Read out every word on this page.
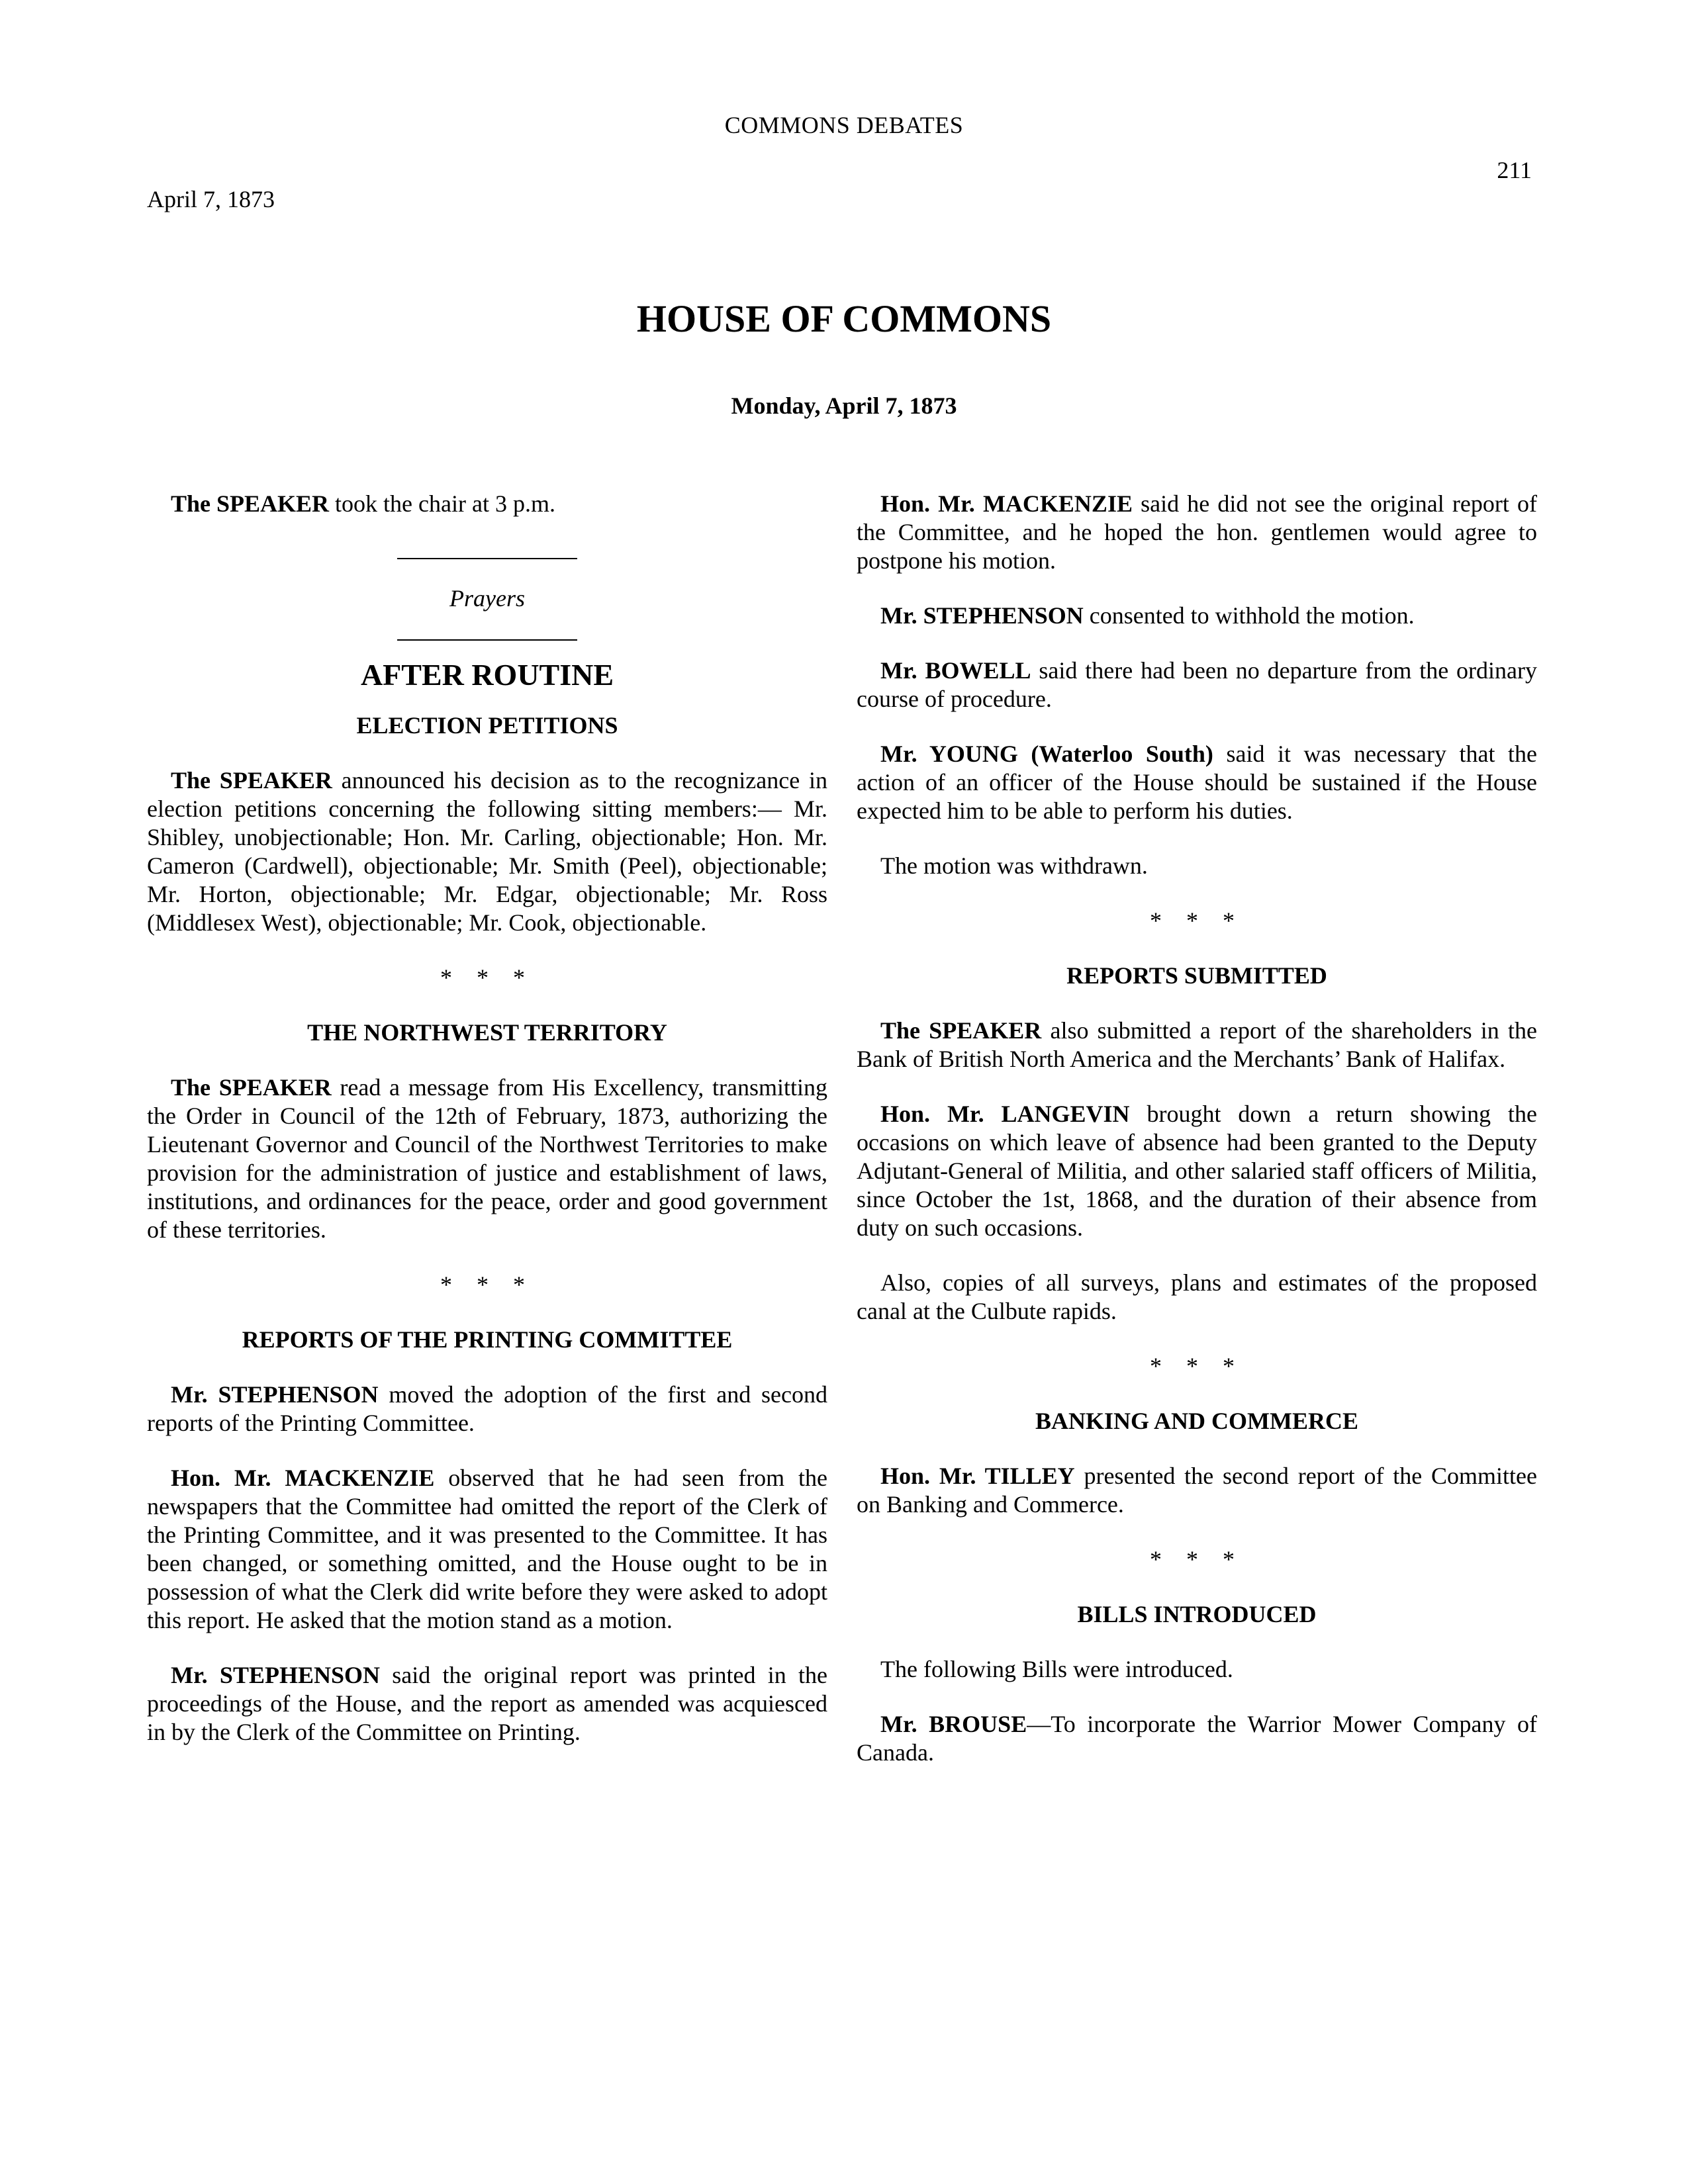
COMMONS DEBATES
211
April 7, 1873
HOUSE OF COMMONS
Monday, April 7, 1873

The SPEAKER took the chair at 3 p.m.

Prayers
AFTER ROUTINE
ELECTION PETITIONS

The SPEAKER announced his decision as to the recognizance in election petitions concerning the following sitting members:— Mr. Shibley, unobjectionable; Hon. Mr. Carling, objectionable; Hon. Mr. Cameron (Cardwell), objectionable; Mr. Smith (Peel), objectionable; Mr. Horton, objectionable; Mr. Edgar, objectionable; Mr. Ross (Middlesex West), objectionable; Mr. Cook, objectionable.

* * *
THE NORTHWEST TERRITORY

The SPEAKER read a message from His Excellency, transmitting the Order in Council of the 12th of February, 1873, authorizing the Lieutenant Governor and Council of the Northwest Territories to make provision for the administration of justice and establishment of laws, institutions, and ordinances for the peace, order and good government of these territories.

* * *
REPORTS OF THE PRINTING COMMITTEE

Mr. STEPHENSON moved the adoption of the first and second reports of the Printing Committee.

Hon. Mr. MACKENZIE observed that he had seen from the newspapers that the Committee had omitted the report of the Clerk of the Printing Committee, and it was presented to the Committee. It has been changed, or something omitted, and the House ought to be in possession of what the Clerk did write before they were asked to adopt this report. He asked that the motion stand as a motion.

Mr. STEPHENSON said the original report was printed in the proceedings of the House, and the report as amended was acquiesced in by the Clerk of the Committee on Printing.

Hon. Mr. MACKENZIE said he did not see the original report of the Committee, and he hoped the hon. gentlemen would agree to postpone his motion.

Mr. STEPHENSON consented to withhold the motion.

Mr. BOWELL said there had been no departure from the ordinary course of procedure.

Mr. YOUNG (Waterloo South) said it was necessary that the action of an officer of the House should be sustained if the House expected him to be able to perform his duties.

The motion was withdrawn.

* * *
REPORTS SUBMITTED

The SPEAKER also submitted a report of the shareholders in the Bank of British North America and the Merchants’ Bank of Halifax.

Hon. Mr. LANGEVIN brought down a return showing the occasions on which leave of absence had been granted to the Deputy Adjutant-General of Militia, and other salaried staff officers of Militia, since October the 1st, 1868, and the duration of their absence from duty on such occasions.

Also, copies of all surveys, plans and estimates of the proposed canal at the Culbute rapids.

* * *
BANKING AND COMMERCE

Hon. Mr. TILLEY presented the second report of the Committee on Banking and Commerce.

* * *
BILLS INTRODUCED

The following Bills were introduced.

Mr. BROUSE—To incorporate the Warrior Mower Company of Canada.
